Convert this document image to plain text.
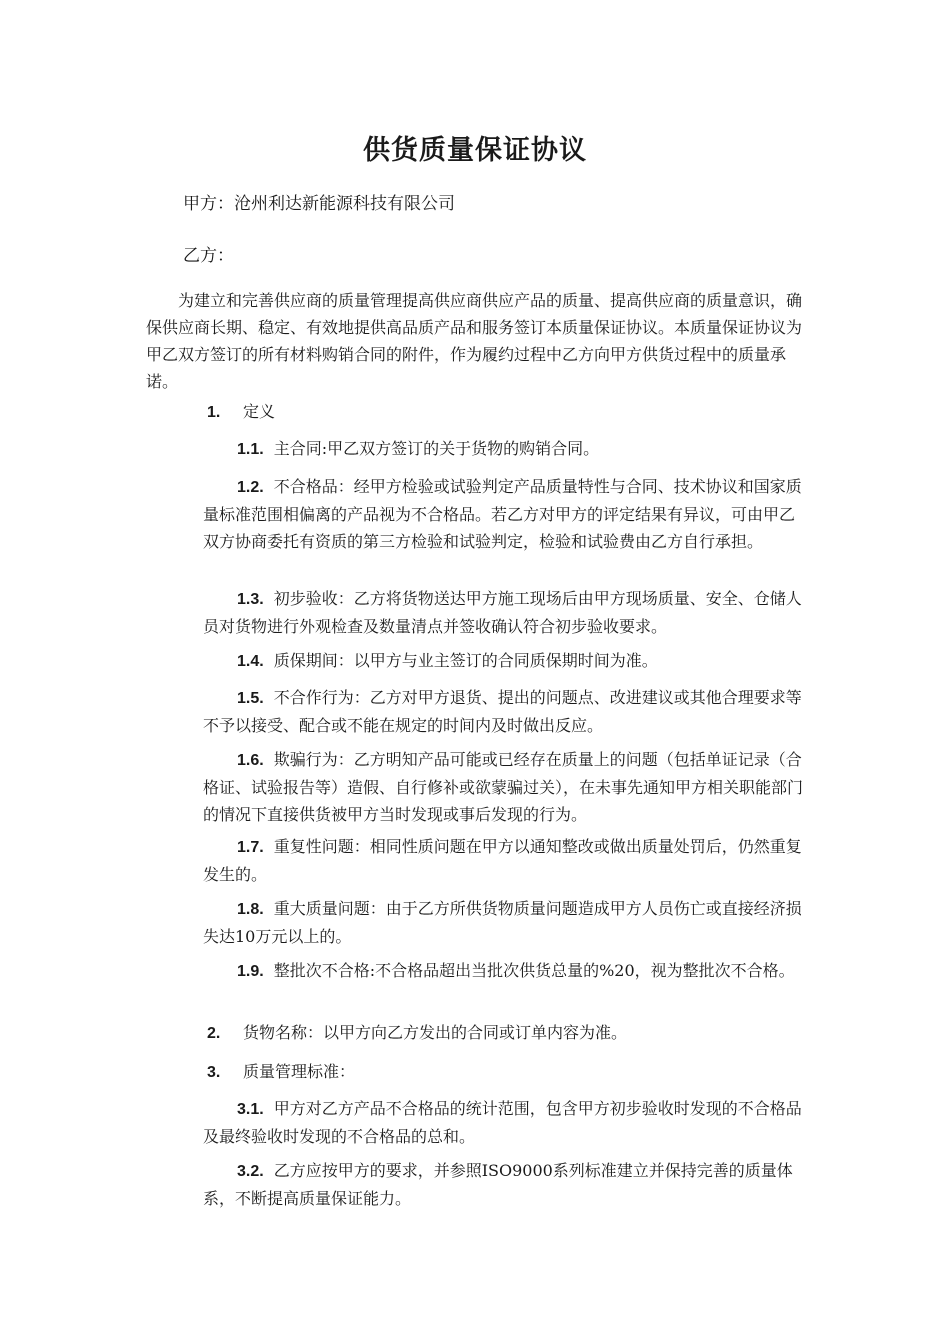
供货质量保证协议
甲方：沧州利达新能源科技有限公司
乙方：
为建立和完善供应商的质量管理提高供应商供应产品的质量、提高供应商的质量意识，确保供应商长期、稳定、有效地提供高品质产品和服务签订本质量保证协议。本质量保证协议为甲乙双方签订的所有材料购销合同的附件，作为履约过程中乙方向甲方供货过程中的质量承诺。
1. 定义
1.1. 主合同:甲乙双方签订的关于货物的购销合同。
1.2. 不合格品：经甲方检验或试验判定产品质量特性与合同、技术协议和国家质量标准范围相偏离的产品视为不合格品。若乙方对甲方的评定结果有异议，可由甲乙双方协商委托有资质的第三方检验和试验判定，检验和试验费由乙方自行承担。
1.3. 初步验收：乙方将货物送达甲方施工现场后由甲方现场质量、安全、仓储人员对货物进行外观检查及数量清点并签收确认符合初步验收要求。
1.4. 质保期间：以甲方与业主签订的合同质保期时间为准。
1.5. 不合作行为：乙方对甲方退货、提出的问题点、改进建议或其他合理要求等不予以接受、配合或不能在规定的时间内及时做出反应。
1.6. 欺骗行为：乙方明知产品可能或已经存在质量上的问题（包括单证记录（合格证、试验报告等）造假、自行修补或欲蒙骗过关），在未事先通知甲方相关职能部门的情况下直接供货被甲方当时发现或事后发现的行为。
1.7. 重复性问题：相同性质问题在甲方以通知整改或做出质量处罚后，仍然重复发生的。
1.8. 重大质量问题：由于乙方所供货物质量问题造成甲方人员伤亡或直接经济损失达10万元以上的。
1.9. 整批次不合格:不合格品超出当批次供货总量的%20，视为整批次不合格。
2. 货物名称：以甲方向乙方发出的合同或订单内容为准。
3. 质量管理标准：
3.1. 甲方对乙方产品不合格品的统计范围，包含甲方初步验收时发现的不合格品及最终验收时发现的不合格品的总和。
3.2. 乙方应按甲方的要求，并参照ISO9000系列标准建立并保持完善的质量体系，不断提高质量保证能力。
